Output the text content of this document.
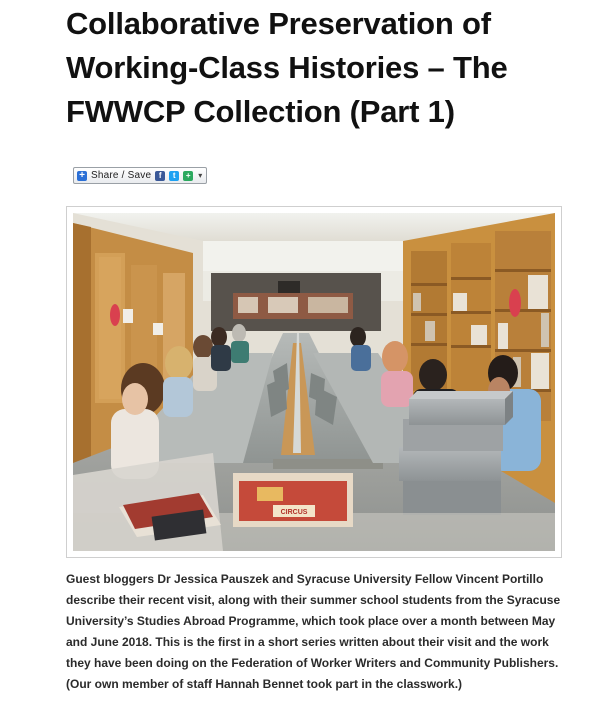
Collaborative Preservation of Working-Class Histories – The FWWCP Collection (Part 1)
+ Share / Save f	t	+ ▾
CIRCUS

Guest bloggers Dr Jessica Pauszek and Syracuse University Fellow Vincent Portillo describe their recent visit, along with their summer school students from the Syracuse University’s Studies Abroad Programme, which took place over a month between May and June 2018. This is the first in a short series written about their visit and the work they have been doing on the Federation of Worker Writers and Community Publishers. (Our own member of staff Hannah Bennet took part in the classwork.)
